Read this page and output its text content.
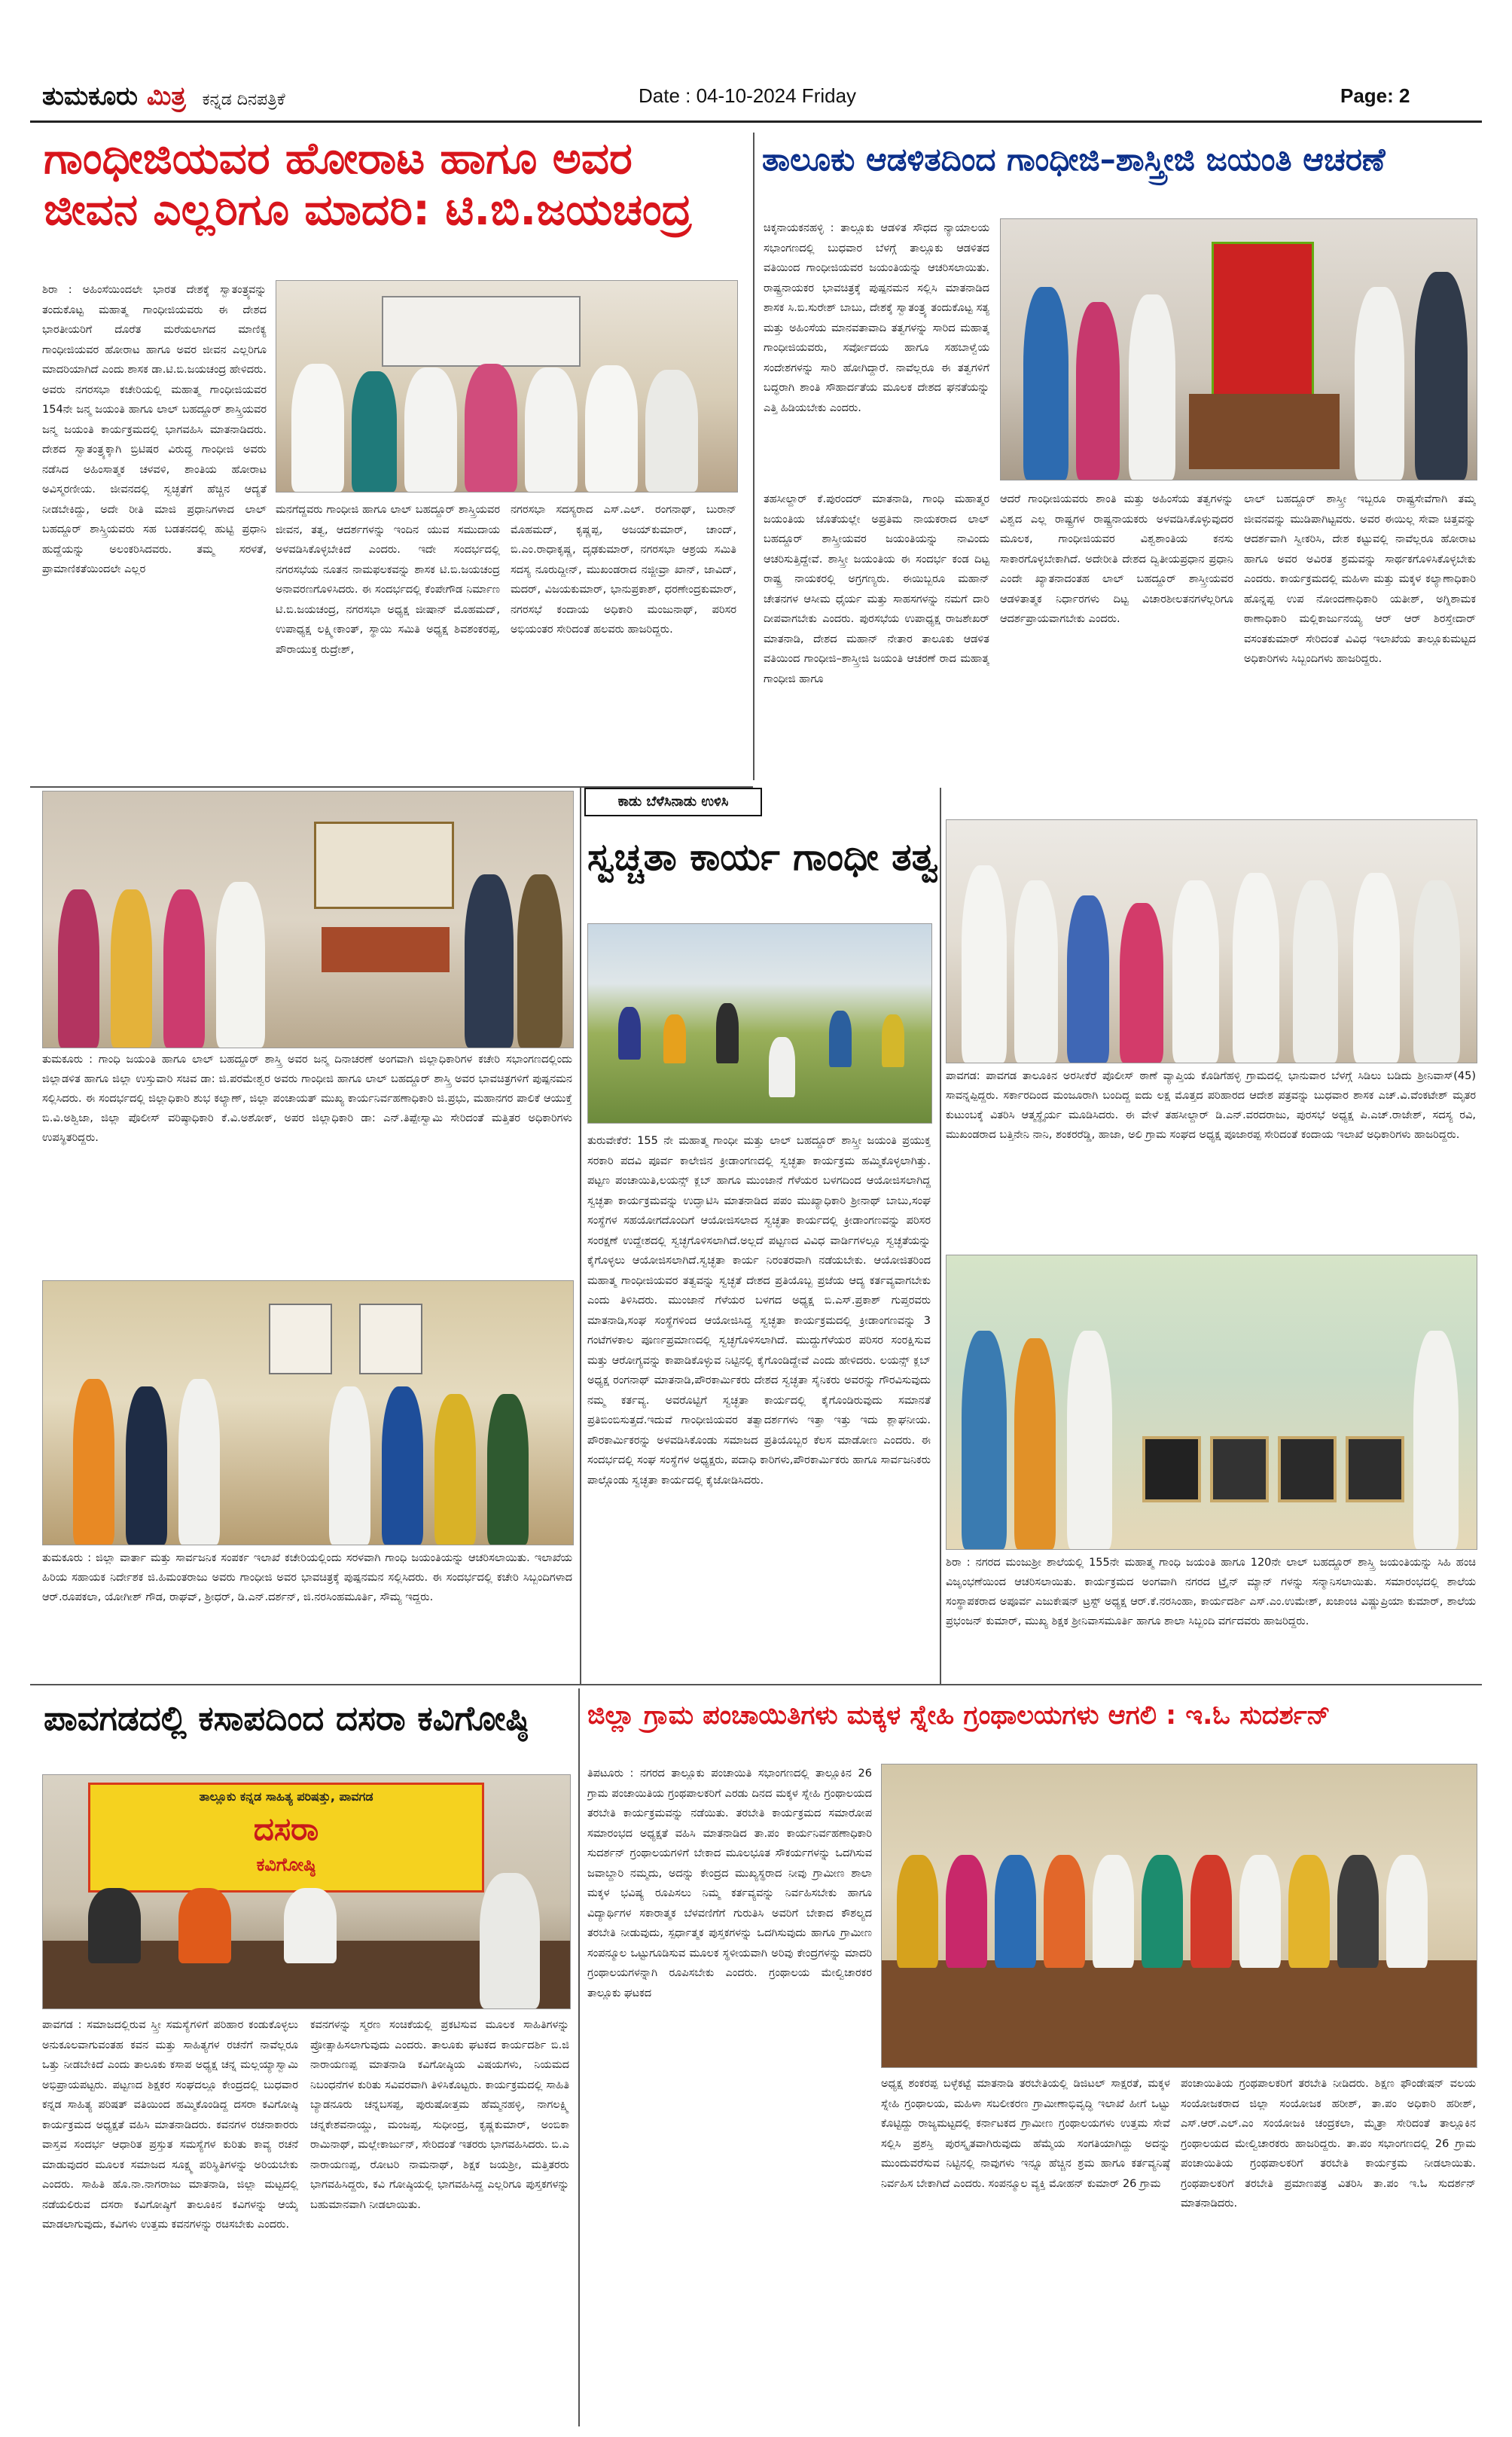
ತುಮಕೂರು ಮಿತ್ರ ಕನ್ನಡ ದಿನಪತ್ರಿಕೆ	Date : 04-10-2024 Friday	Page: 2
ಗಾಂಧೀಜಿಯವರ ಹೋರಾಟ ಹಾಗೂ ಅವರ
ಜೀವನ ಎಲ್ಲರಿಗೂ ಮಾದರಿ: ಟಿ.ಬಿ.ಜಯಚಂದ್ರ
ಶಿರಾ : ಅಹಿಂಸೆಯಿಂದಲೇ ಭಾರತ ದೇಶಕ್ಕೆ ಸ್ವಾತಂತ್ರ್ಯವನ್ನು ತಂದುಕೊಟ್ಟ ಮಹಾತ್ಮ ಗಾಂಧೀಜಿಯವರು ಈ ದೇಶದ ಭಾರತೀಯರಿಗೆ ದೊರೆತ ಮರೆಯಲಾಗದ ಮಾಣಿಕ್ಯ ಗಾಂಧೀಜಿಯವರ ಹೋರಾಟ ಹಾಗೂ ಅವರ ಜೀವನ ಎಲ್ಲರಿಗೂ ಮಾದರಿಯಾಗಿದೆ ಎಂದು ಶಾಸಕ ಡಾ.ಟಿ.ಬಿ.ಜಯಚಂದ್ರ ಹೇಳಿದರು. ಅವರು ನಗರಸಭಾ ಕಚೇರಿಯಲ್ಲಿ ಮಹಾತ್ಮ ಗಾಂಧೀಜಿಯವರ 154ನೇ ಜನ್ಮ ಜಯಂತಿ ಹಾಗೂ ಲಾಲ್ ಬಹದ್ದೂರ್ ಶಾಸ್ತ್ರಿಯವರ ಜನ್ಮ ಜಯಂತಿ ಕಾರ್ಯಕ್ರಮದಲ್ಲಿ ಭಾಗವಹಿಸಿ ಮಾತನಾಡಿದರು. ದೇಶದ ಸ್ವಾತಂತ್ರ್ಯಕ್ಕಾಗಿ ಬ್ರಿಟಿಷರ ವಿರುದ್ಧ ಗಾಂಧೀಜಿ ಅವರು ನಡೆಸಿದ ಅಹಿಂಸಾತ್ಮಕ ಚಳವಳಿ, ಶಾಂತಿಯ ಹೋರಾಟ ಅವಿಸ್ಮರಣೀಯ. ಜೀವನದಲ್ಲಿ ಸ್ವಚ್ಛತೆಗೆ ಹೆಚ್ಚಿನ ಆದ್ಯತೆ ನೀಡಬೇಕಿದ್ದು, ಅದೇ ರೀತಿ ಮಾಜಿ ಪ್ರಧಾನಿಗಳಾದ ಲಾಲ್ ಬಹದ್ದೂರ್ ಶಾಸ್ತ್ರಿಯವರು ಸಹ ಬಡತನದಲ್ಲಿ ಹುಟ್ಟಿ ಪ್ರಧಾನಿ ಹುದ್ದೆಯನ್ನು ಅಲಂಕರಿಸಿದವರು. ತಮ್ಮ ಸರಳತೆ, ಪ್ರಾಮಾಣಿಕತೆಯಿಂದಲೇ ಎಲ್ಲರ
ಮನಗೆದ್ದವರು ಗಾಂಧೀಜಿ ಹಾಗೂ ಲಾಲ್ ಬಹದ್ದೂರ್ ಶಾಸ್ತ್ರಿಯವರ ಜೀವನ, ತತ್ವ, ಆದರ್ಶಗಳನ್ನು ಇಂದಿನ ಯುವ ಸಮುದಾಯ ಅಳವಡಿಸಿಕೊಳ್ಳಬೇಕಿದೆ ಎಂದರು. ಇದೇ ಸಂದರ್ಭದಲ್ಲಿ ನಗರಸಭೆಯ ನೂತನ ನಾಮಫಲಕವನ್ನು ಶಾಸಕ ಟಿ.ಬಿ.ಜಯಚಂದ್ರ ಅನಾವರಣಗೊಳಿಸಿದರು. ಈ ಸಂದರ್ಭದಲ್ಲಿ ಕೆಂಪೇಗೌಡ ನಿರ್ಮಾಣ ಟಿ.ಬಿ.ಜಯಚಂದ್ರ, ನಗರಸಭಾ ಅಧ್ಯಕ್ಷ ಜೀಷಾನ್ ಮೊಹಮದ್, ಉಪಾಧ್ಯಕ್ಷ ಲಕ್ಷ್ಮೀಕಾಂತ್, ಸ್ಥಾಯಿ ಸಮಿತಿ ಅಧ್ಯಕ್ಷ ಶಿವಶಂಕರಪ್ಪ, ಪೌರಾಯುಕ್ತ ರುದ್ರೇಶ್,
ನಗರಸಭಾ ಸದಸ್ಯರಾದ ಎಸ್.ಎಲ್. ರಂಗನಾಥ್, ಬುರಾನ್ ಮೊಹಮದ್, ಕೃಷ್ಣಪ್ಪ, ಅಜಯ್‌ಕುಮಾರ್, ಚಾಂದ್, ಬಿ.ಎಂ.ರಾಧಾಕೃಷ್ಣ, ದೃಢಕುಮಾರ್, ನಗರಸಭಾ ಆಶ್ರಯ ಸಮಿತಿ ಸದಸ್ಯ ನೂರುದ್ದೀನ್, ಮುಖಂಡರಾದ ನಜ್ಜೀವ್ರಾ ಖಾನ್, ಜಾವಿದ್, ಮದರ್, ವಿಜಯಕುಮಾರ್, ಭಾನುಪ್ರಕಾಶ್, ಧರಣೇಂದ್ರಕುಮಾರ್, ನಗರಸಭೆ ಕಂದಾಯ ಅಧಿಕಾರಿ ಮಂಜುನಾಥ್, ಪರಿಸರ ಅಭಿಯಂತರ ಸೇರಿದಂತೆ ಹಲವರು ಹಾಜರಿದ್ದರು.
ತಾಲೂಕು ಆಡಳಿತದಿಂದ ಗಾಂಧೀಜಿ–ಶಾಸ್ತ್ರೀಜಿ ಜಯಂತಿ ಆಚರಣೆ
ಚಿಕ್ಕನಾಯಕನಹಳ್ಳಿ : ತಾಲ್ಲೂಕು ಆಡಳಿತ ಸೌಧದ ನ್ಯಾಯಾಲಯ ಸಭಾಂಗಣದಲ್ಲಿ ಬುಧವಾರ ಬೆಳಗ್ಗೆ ತಾಲ್ಲೂಕು ಆಡಳಿತದ ವತಿಯಿಂದ ಗಾಂಧೀಜಿಯವರ ಜಯಂತಿಯನ್ನು ಆಚರಿಸಲಾಯಿತು. ರಾಷ್ಟ್ರನಾಯಕರ ಭಾವಚಿತ್ರಕ್ಕೆ ಪುಷ್ಪನಮನ ಸಲ್ಲಿಸಿ ಮಾತನಾಡಿದ ಶಾಸಕ ಸಿ.ಬಿ.ಸುರೇಶ್ ಬಾಬು, ದೇಶಕ್ಕೆ ಸ್ವಾತಂತ್ರ್ಯ ತಂದುಕೊಟ್ಟ ಸತ್ಯ ಮತ್ತು ಅಹಿಂಸೆಯ ಮಾನವತಾವಾದಿ ತತ್ವಗಳನ್ನು ಸಾರಿದ ಮಹಾತ್ಮ ಗಾಂಧೀಜಿಯವರು, ಸರ್ವೋದಯ ಹಾಗೂ ಸಹಬಾಳ್ವೆಯ ಸಂದೇಶಗಳನ್ನು ಸಾರಿ ಹೋಗಿದ್ದಾರೆ. ನಾವೆಲ್ಲರೂ ಈ ತತ್ವಗಳಿಗೆ ಬದ್ಧರಾಗಿ ಶಾಂತಿ ಸೌಹಾರ್ದತೆಯ ಮೂಲಕ ದೇಶದ ಘನತೆಯನ್ನು ಎತ್ತಿ ಹಿಡಿಯಬೇಕು ಎಂದರು.
ತಹಸೀಲ್ದಾರ್ ಕೆ.ಪುರಂದರ್ ಮಾತನಾಡಿ, ಗಾಂಧಿ ಮಹಾತ್ಮರ ಜಯಂತಿಯ ಜೊತೆಯಲ್ಲೇ ಅಪ್ರತಿಮ ನಾಯಕರಾದ ಲಾಲ್ ಬಹದ್ದೂರ್ ಶಾಸ್ತ್ರೀಯವರ ಜಯಂತಿಯನ್ನು ನಾವಿಂದು ಆಚರಿಸುತ್ತಿದ್ದೇವೆ. ಶಾಸ್ತ್ರೀ ಜಯಂತಿಯ ಈ ಸಂದರ್ಭ ಕಂಡ ದಿಟ್ಟ ರಾಷ್ಟ್ರ ನಾಯಕರಲ್ಲಿ ಅಗ್ರಗಣ್ಯರು. ಈಯಿಬ್ಬರೂ ಮಹಾನ್ ಚೇತನಗಳ ಆಸೀಮ ಧೈರ್ಯ ಮತ್ತು ಸಾಹಸಗಳನ್ನು ನಮಗೆ ದಾರಿ ದೀಪವಾಗಬೇಕು ಎಂದರು. ಪುರಸಭೆಯ ಉಪಾಧ್ಯಕ್ಷ ರಾಜಶೇಖರ್ ಮಾತನಾಡಿ, ದೇಶದ ಮಹಾನ್ ನೇತಾರ ತಾಲೂಕು ಆಡಳಿತ ವತಿಯಿಂದ ಗಾಂಧೀಜಿ–ಶಾಸ್ತ್ರೀಜಿ ಜಯಂತಿ ಆಚರಣೆ ರಾದ ಮಹಾತ್ಮ ಗಾಂಧೀಜಿ ಹಾಗೂ
ಆದರೆ ಗಾಂಧೀಜಿಯವರು ಶಾಂತಿ ಮತ್ತು ಅಹಿಂಸೆಯ ತತ್ವಗಳನ್ನು ವಿಶ್ವದ ಎಲ್ಲ ರಾಷ್ಟ್ರಗಳ ರಾಷ್ಟ್ರನಾಯಕರು ಅಳವಡಿಸಿಕೊಳ್ಳುವುದರ ಮೂಲಕ, ಗಾಂಧೀಜಿಯವರ ವಿಶ್ವಶಾಂತಿಯ ಕನಸು ಸಾಕಾರಗೊಳ್ಳಬೇಕಾಗಿದೆ. ಅದೇರೀತಿ ದೇಶದ ದ್ವಿತೀಯಪ್ರಧಾನ ಪ್ರಧಾನಿ ಎಂದೇ ಖ್ಯಾತನಾದಂತಹ ಲಾಲ್ ಬಹದ್ದೂರ್ ಶಾಸ್ತ್ರೀಯವರ ಆಡಳಿತಾತ್ಮಕ ನಿರ್ಧಾರಗಳು ದಿಟ್ಟ ವಿಚಾರಶೀಲತನಗಳೆಲ್ಲರಿಗೂ ಆದರ್ಶಪ್ರಾಯವಾಗಬೇಕು ಎಂದರು.
ಲಾಲ್ ಬಹದ್ದೂರ್ ಶಾಸ್ತ್ರೀ ಇಬ್ಬರೂ ರಾಷ್ಟ್ರಸೇವೆಗಾಗಿ ತಮ್ಮ ಜೀವನವನ್ನು ಮುಡಿಪಾಗಿಟ್ಟವರು. ಅವರ ಈಯಿಲ್ಲ ಸೇವಾ ಚಿತ್ತವನ್ನು ಆದರ್ಶವಾಗಿ ಸ್ವೀಕರಿಸಿ, ದೇಶ ಕಟ್ಟುವಲ್ಲಿ ನಾವೆಲ್ಲರೂ ಹೋರಾಟ ಹಾಗೂ ಅವರ ಅವಿರತ ಶ್ರಮವನ್ನು ಸಾರ್ಥಕಗೊಳಿಸಿಕೊಳ್ಳಬೇಕು ಎಂದರು. ಕಾರ್ಯಕ್ರಮದಲ್ಲಿ ಮಹಿಳಾ ಮತ್ತು ಮಕ್ಕಳ ಕಲ್ಯಾಣಾಧಿಕಾರಿ ಹೊನ್ನಪ್ಪ ಉಪ ನೋಂದಣಾಧಿಕಾರಿ ಯತೀಶ್, ಅಗ್ನಿಶಾಮಕ ಠಾಣಾಧಿಕಾರಿ ಮಲ್ಲಿಕಾರ್ಜುನಯ್ಯ ಆರ್ ಆರ್ ಶಿರಸ್ತೇದಾರ್ ವಸಂತಕುಮಾರ್ ಸೇರಿದಂತೆ ವಿವಿಧ ಇಲಾಖೆಯ ತಾಲ್ಲೂಕುಮಟ್ಟದ ಅಧಿಕಾರಿಗಳು ಸಿಬ್ಬಂದಿಗಳು ಹಾಜರಿದ್ದರು.
ತುಮಕೂರು : ಗಾಂಧಿ ಜಯಂತಿ ಹಾಗೂ ಲಾಲ್ ಬಹದ್ದೂರ್ ಶಾಸ್ತ್ರಿ ಅವರ ಜನ್ಮ ದಿನಾಚರಣೆ ಅಂಗವಾಗಿ ಜಿಲ್ಲಾಧಿಕಾರಿಗಳ ಕಚೇರಿ ಸಭಾಂಗಣದಲ್ಲಿಂದು ಜಿಲ್ಲಾಡಳಿತ ಹಾಗೂ ಜಿಲ್ಲಾ ಉಸ್ತುವಾರಿ ಸಚಿವ ಡಾ: ಜಿ.ಪರಮೇಶ್ವರ ಅವರು ಗಾಂಧೀಜಿ ಹಾಗೂ ಲಾಲ್ ಬಹದ್ದೂರ್ ಶಾಸ್ತ್ರಿ ಅವರ ಭಾವಚಿತ್ರಗಳಿಗೆ ಪುಷ್ಪನಮನ ಸಲ್ಲಿಸಿದರು. ಈ ಸಂದರ್ಭದಲ್ಲಿ ಜಿಲ್ಲಾಧಿಕಾರಿ ಶುಭ ಕಲ್ಯಾಣ್, ಜಿಲ್ಲಾ ಪಂಚಾಯತ್ ಮುಖ್ಯ ಕಾರ್ಯನಿರ್ವಹಣಾಧಿಕಾರಿ ಜಿ.ಪ್ರಭು, ಮಹಾನಗರ ಪಾಲಿಕೆ ಆಯುಕ್ತೆ ಬಿ.ವಿ.ಅಶ್ವಿಜಾ, ಜಿಲ್ಲಾ ಪೊಲೀಸ್ ವರಿಷ್ಠಾಧಿಕಾರಿ ಕೆ.ವಿ.ಅಶೋಕ್, ಅಪರ ಜಿಲ್ಲಾಧಿಕಾರಿ ಡಾ: ಎನ್.ತಿಪ್ಪೇಸ್ವಾಮಿ ಸೇರಿದಂತೆ ಮತ್ತಿತರ ಅಧಿಕಾರಿಗಳು ಉಪಸ್ಥಿತರಿದ್ದರು.
ತುಮಕೂರು : ಜಿಲ್ಲಾ ವಾರ್ತಾ ಮತ್ತು ಸಾರ್ವಜನಿಕ ಸಂಪರ್ಕ ಇಲಾಖೆ ಕಚೇರಿಯಲ್ಲಿಂದು ಸರಳವಾಗಿ ಗಾಂಧಿ ಜಯಂತಿಯನ್ನು ಆಚರಿಸಲಾಯಿತು. ಇಲಾಖೆಯ ಹಿರಿಯ ಸಹಾಯಕ ನಿರ್ದೇಶಕ ಜಿ.ಹಿಮಂತರಾಜು ಅವರು ಗಾಂಧೀಜಿ ಅವರ ಭಾವಚಿತ್ರಕ್ಕೆ ಪುಷ್ಪನಮನ ಸಲ್ಲಿಸಿದರು. ಈ ಸಂದರ್ಭದಲ್ಲಿ ಕಚೇರಿ ಸಿಬ್ಬಂದಿಗಳಾದ ಆರ್.ರೂಪಕಲಾ, ಯೋಗೀಶ್ ಗೌಡ, ರಾಘವ್, ಶ್ರೀಧರ್, ಡಿ.ಎನ್.ದರ್ಶನ್, ಜಿ.ನರಸಿಂಹಮೂರ್ತಿ, ಸೌಮ್ಯ ಇದ್ದರು.
ಕಾಡು ಬೆಳೆಸಿನಾಡು ಉಳಿಸಿ
ಸ್ವಚ್ಚತಾ ಕಾರ್ಯ ಗಾಂಧೀ ತತ್ವ
ತುರುವೇಕೆರೆ: 155 ನೇ ಮಹಾತ್ಮ ಗಾಂಧೀ ಮತ್ತು ಲಾಲ್ ಬಹದ್ದೂರ್ ಶಾಸ್ತ್ರೀ ಜಯಂತಿ ಪ್ರಯುಕ್ತ ಸರಕಾರಿ ಪದವಿ ಪೂರ್ವ ಕಾಲೇಜಿನ ಕ್ರೀಡಾಂಗಣದಲ್ಲಿ ಸ್ವಚ್ಛತಾ ಕಾರ್ಯಕ್ರಮ ಹಮ್ಮಿಕೊಳ್ಳಲಾಗಿತ್ತು. ಪಟ್ಟಣ ಪಂಚಾಯಿತಿ,ಲಯನ್ಸ್ ಕ್ಲಬ್ ಹಾಗೂ ಮುಂಜಾನೆ ಗೆಳೆಯರ ಬಳಗದಿಂದ ಆಯೋಜಿಸಲಾಗಿದ್ದ ಸ್ವಚ್ಛತಾ ಕಾರ್ಯಕ್ರಮವನ್ನು ಉದ್ಘಾಟಿಸಿ ಮಾತನಾಡಿದ ಪಪಂ ಮುಖ್ಯಾಧಿಕಾರಿ ಶ್ರೀನಾಥ್ ಬಾಬು,ಸಂಘ ಸಂಸ್ಥೆಗಳ ಸಹಯೋಗದೊಂದಿಗೆ ಆಯೋಜಿಸಲಾದ ಸ್ವಚ್ಛತಾ ಕಾರ್ಯದಲ್ಲಿ ಕ್ರೀಡಾಂಗಣವನ್ನು ಪರಿಸರ ಸಂರಕ್ಷಣೆ ಉದ್ದೇಶದಲ್ಲಿ ಸ್ವಚ್ಛಗೊಳಿಸಲಾಗಿದೆ.ಅಲ್ಲದೆ ಪಟ್ಟಣದ ವಿವಿಧ ವಾರ್ಡಿಗಳಲ್ಲೂ ಸ್ವಚ್ಛತೆಯನ್ನು ಕೈಗೊಳ್ಳಲು ಆಯೋಜಿಸಲಾಗಿದೆ.ಸ್ವಚ್ಛತಾ ಕಾರ್ಯ ನಿರಂತರವಾಗಿ ನಡೆಯಬೇಕು. ಆಯೋಜಿತರಿಂದ ಮಹಾತ್ಮ ಗಾಂಧೀಜಿಯವರ ತತ್ವವನ್ನು ಸ್ವಚ್ಛತೆ ದೇಶದ ಪ್ರತಿಯೊಬ್ಬ ಪ್ರಜೆಯ ಆದ್ಯ ಕರ್ತವ್ಯವಾಗಬೇಕು ಎಂದು ತಿಳಿಸಿದರು. ಮುಂಜಾನೆ ಗೆಳೆಯರ ಬಳಗದ ಅಧ್ಯಕ್ಷ ಬಿ.ಎಸ್.ಪ್ರಕಾಶ್ ಗುಪ್ತರವರು ಮಾತನಾಡಿ,ಸಂಘ ಸಂಸ್ಥೆಗಳಿಂದ ಆಯೋಜಿಸಿದ್ದ ಸ್ವಚ್ಛತಾ ಕಾರ್ಯಕ್ರಮದಲ್ಲಿ ಕ್ರೀಡಾಂಗಣವನ್ನು 3 ಗಂಟೆಗಳಕಾಲ ಪೂರ್ಣಪ್ರಮಾಣದಲ್ಲಿ ಸ್ವಚ್ಛಗೊಳಿಸಲಾಗಿದೆ. ಮುದ್ದುಗೆಳೆಯರ ಪರಿಸರ ಸಂರಕ್ಷಿಸುವ ಮತ್ತು ಆರೋಗ್ಯವನ್ನು ಕಾಪಾಡಿಕೊಳ್ಳುವ ನಿಟ್ಟಿನಲ್ಲಿ ಕೈಗೊಂಡಿದ್ದೇವೆ ಎಂದು ಹೇಳಿದರು. ಲಯನ್ಸ್ ಕ್ಲಬ್ ಅಧ್ಯಕ್ಷ ರಂಗನಾಥ್ ಮಾತನಾಡಿ,ಪೌರಕಾರ್ಮಿಕರು ದೇಶದ ಸ್ವಚ್ಛತಾ ಸೈನಿಕರು ಅವರನ್ನು ಗೌರವಿಸುವುದು ನಮ್ಮ ಕರ್ತವ್ಯ. ಅವರೊಟ್ಟಿಗೆ ಸ್ವಚ್ಛತಾ ಕಾರ್ಯದಲ್ಲಿ ಕೈಗೊಂಡಿರುವುದು ಸಮಾನತೆ ಪ್ರತಿಬಿಂಬಿಸುತ್ತದೆ.ಇದುವೆ ಗಾಂಧೀಜಿಯವರ ತತ್ವಾದರ್ಶಗಳು ಇತ್ತಾ ಇತ್ತು ಇದು ಶ್ಲಾಘನೀಯ. ಪೌರಕಾರ್ಮಿಕರನ್ನು ಅಳವಡಿಸಿಕೊಂಡು ಸಮಾಜದ ಪ್ರತಿಯೊಬ್ಬರ ಕೆಲಸ ಮಾಡೋಣ ಎಂದರು. ಈ ಸಂದರ್ಭದಲ್ಲಿ ಸಂಘ ಸಂಸ್ಥೆಗಳ ಅಧ್ಯಕ್ಷರು, ಪದಾಧಿ ಕಾರಿಗಳು,ಪೌರಕಾರ್ಮಿಕರು ಹಾಗೂ ಸಾರ್ವಜನಿಕರು ಪಾಲ್ಗೊಂಡು ಸ್ವಚ್ಛತಾ ಕಾರ್ಯದಲ್ಲಿ ಕೈಜೋಡಿಸಿದರು.
ಪಾವಗಡ: ಪಾವಗಡ ತಾಲೂಕಿನ ಅರಸೀಕೆರೆ ಪೊಲೀಸ್ ಠಾಣೆ ವ್ಯಾಪ್ತಿಯ ಕೊಡಿಗೆಹಳ್ಳಿ ಗ್ರಾಮದಲ್ಲಿ ಭಾನುವಾರ ಬೆಳಗ್ಗೆ ಸಿಡಿಲು ಬಡಿದು ಶ್ರೀನಿವಾಸ್(45) ಸಾವನ್ನಪ್ಪಿದ್ದರು. ಸರ್ಕಾರದಿಂದ ಮಂಜೂರಾಗಿ ಬಂದಿದ್ದ ಐದು ಲಕ್ಷ ಮೊತ್ತದ ಪರಿಹಾರದ ಆದೇಶ ಪತ್ರವನ್ನು ಬುಧವಾರ ಶಾಸಕ ಎಚ್.ವಿ.ವೆಂಕಟೇಶ್ ಮೃತರ ಕುಟುಂಬಕ್ಕೆ ವಿತರಿಸಿ ಆತ್ಮಸ್ಥೈರ್ಯ ಮೂಡಿಸಿದರು. ಈ ವೇಳೆ ತಹಸೀಲ್ದಾರ್ ಡಿ.ಎನ್.ವರದರಾಜು, ಪುರಸಭೆ ಅಧ್ಯಕ್ಷ ಪಿ.ಎಚ್.ರಾಜೇಶ್, ಸದಸ್ಯ ರವಿ, ಮುಖಂಡರಾದ ಬತ್ತಿನೇನಿ ನಾನಿ, ಶಂಕರರೆಡ್ಡಿ, ಹಾಜಾ, ಅಲಿ ಗ್ರಾಮ ಸಂಘದ ಅಧ್ಯಕ್ಷ ಪೂಜಾರಪ್ಪ ಸೇರಿದಂತೆ ಕಂದಾಯ ಇಲಾಖೆ ಅಧಿಕಾರಿಗಳು ಹಾಜರಿದ್ದರು.
ಶಿರಾ : ನಗರದ ಮಂಜುಶ್ರೀ ಶಾಲೆಯಲ್ಲಿ 155ನೇ ಮಹಾತ್ಮ ಗಾಂಧಿ ಜಯಂತಿ ಹಾಗೂ 120ನೇ ಲಾಲ್ ಬಹದ್ದೂರ್ ಶಾಸ್ತ್ರಿ ಜಯಂತಿಯನ್ನು ಸಿಹಿ ಹಂಚಿ ವಿಜೃಂಭಣೆಯಿಂದ ಆಚರಿಸಲಾಯಿತು. ಕಾರ್ಯಕ್ರಮದ ಅಂಗವಾಗಿ ನಗರದ ಟ್ರೈನ್ ಮ್ಯಾನ್‌ ಗಳನ್ನು ಸನ್ಮಾನಿಸಲಾಯಿತು. ಸಮಾರಂಭದಲ್ಲಿ ಶಾಲೆಯ ಸಂಸ್ಥಾಪಕರಾದ ಅಪೂರ್ವ ಎಜುಕೇಷನ್ ಟ್ರಸ್ಟ್ ಅಧ್ಯಕ್ಷ ಆರ್.ಕೆ.ನರಸಿಂಹಾ, ಕಾರ್ಯದರ್ಶಿ ಎಸ್.ಎಂ.ಉಮೇಶ್, ಖಜಾಂಚಿ ವಿಷ್ಣುಪ್ರಿಯಾ ಕುಮಾರ್, ಶಾಲೆಯ ಪ್ರಭಂಜನ್ ಕುಮಾರ್, ಮುಖ್ಯ ಶಿಕ್ಷಕ ಶ್ರೀನಿವಾಸಮೂರ್ತಿ ಹಾಗೂ ಶಾಲಾ ಸಿಬ್ಬಂದಿ ವರ್ಗದವರು ಹಾಜರಿದ್ದರು.
ಪಾವಗಡದಲ್ಲಿ ಕಸಾಪದಿಂದ ದಸರಾ ಕವಿಗೋಷ್ಠಿ
ತಾಲ್ಲೂಕು ಕನ್ನಡ ಸಾಹಿತ್ಯ ಪರಿಷತ್ತು, ಪಾವಗಡ
ದಸರಾ
ಕವಿಗೋಷ್ಠಿ
ಪಾವಗಡ : ಸಮಾಜದಲ್ಲಿರುವ ಸ್ತ್ರೀ ಸಮಸ್ಯೆಗಳಿಗೆ ಪರಿಹಾರ ಕಂಡುಕೊಳ್ಳಲು ಅನುಕೂಲವಾಗುವಂತಹ ಕವನ ಮತ್ತು ಸಾಹಿತ್ಯಗಳ ರಚನೆಗೆ ನಾವೆಲ್ಲರೂ ಒತ್ತು ನೀಡಬೇಕಿದೆ ಎಂದು ತಾಲೂಕು ಕಸಾಪ ಅಧ್ಯಕ್ಷ ಚನ್ನ ಮಲ್ಲಯ್ಯಾಸ್ವಾಮಿ ಅಭಿಪ್ರಾಯಪಟ್ಟರು. ಪಟ್ಟಣದ ಶಿಕ್ಷಕರ ಸಂಘದಲ್ಲೂ ಕೇಂದ್ರದಲ್ಲಿ ಬುಧವಾರ ಕನ್ನಡ ಸಾಹಿತ್ಯ ಪರಿಷತ್ ವತಿಯಿಂದ ಹಮ್ಮಿಕೊಂಡಿದ್ದ ದಸರಾ ಕವಿಗೋಷ್ಠಿ ಕಾರ್ಯಕ್ರಮದ ಅಧ್ಯಕ್ಷತೆ ವಹಿಸಿ ಮಾತನಾಡಿದರು. ಕವನಗಳ ರಚನಾಕಾರರು ವಾಸ್ತವ ಸಂದರ್ಭ ಆಧಾರಿತ ಪ್ರಸ್ತುತ ಸಮಸ್ಯೆಗಳ ಕುರಿತು ಕಾವ್ಯ ರಚನೆ ಮಾಡುವುದರ ಮೂಲಕ ಸಮಾಜದ ಸೂಕ್ಷ್ಮ ಪರಿಸ್ಥಿತಿಗಳನ್ನು ಅರಿಯಬೇಕು ಎಂದರು. ಸಾಹಿತಿ ಹೊ.ನಾ.ನಾಗರಾಜು ಮಾತನಾಡಿ, ಜಿಲ್ಲಾ ಮಟ್ಟದಲ್ಲಿ ನಡೆಯಲಿರುವ ದಸರಾ ಕವಿಗೋಷ್ಠಿಗೆ ತಾಲೂಕಿನ ಕವಿಗಳನ್ನು ಆಯ್ಕೆ ಮಾಡಲಾಗುವುದು, ಕವಿಗಳು ಉತ್ತಮ ಕವನಗಳನ್ನು ರಚಿಸಬೇಕು ಎಂದರು.
ಕವನಗಳನ್ನು ಸ್ಮರಣ ಸಂಚಿಕೆಯಲ್ಲಿ ಪ್ರಕಟಿಸುವ ಮೂಲಕ ಸಾಹಿತಿಗಳನ್ನು ಪ್ರೋತ್ಸಾಹಿಸಲಾಗುವುದು ಎಂದರು. ತಾಲೂಕು ಘಟಕದ ಕಾರ್ಯದರ್ಶಿ ಬಿ.ಜಿ ನಾರಾಯಣಪ್ಪ ಮಾತನಾಡಿ ಕವಿಗೋಷ್ಠಿಯ ವಿಷಯಗಳು, ನಿಯಮದ ನಿಬಂಧನೆಗಳ ಕುರಿತು ಸವಿವರವಾಗಿ ತಿಳಿಸಿಕೊಟ್ಟರು. ಕಾರ್ಯಕ್ರಮದಲ್ಲಿ ಸಾಹಿತಿ ಬ್ಯಾಡನೂರು ಚನ್ನಬಸಪ್ಪ, ಪುರುಷೋತ್ತಮ ಹೆಮ್ಮನಹಳ್ಳಿ, ನಾಗಲಕ್ಷ್ಮಿ ಚನ್ನಕೇಶವನಾಯ್ಡು, ಮಂಜಪ್ಪ, ಸುಧೀಂದ್ರ, ಕೃಷ್ಣಕುಮಾರ್, ಅಂಬಿಕಾ ರಾಮಿನಾಥ್, ಮಲ್ಲೇಕಾರ್ಜುನ್, ಸೇರಿದಂತೆ ಇತರರು ಭಾಗವಹಿಸಿದರು. ಬಿ.ಎ ನಾರಾಯಣಪ್ಪ, ರೋಟರಿ ನಾಮನಾಥ್, ಶಿಕ್ಷಕ ಜಯಶ್ರೀ, ಮತ್ತಿತರರು ಭಾಗವಹಿಸಿದ್ದರು, ಕವಿ ಗೋಷ್ಠಿಯಲ್ಲಿ ಭಾಗವಹಿಸಿದ್ದ ಎಲ್ಲರಿಗೂ ಪುಸ್ತಕಗಳನ್ನು ಬಹುಮಾನವಾಗಿ ನೀಡಲಾಯಿತು.
ಜಿಲ್ಲಾ ಗ್ರಾಮ ಪಂಚಾಯಿತಿಗಳು ಮಕ್ಕಳ ಸ್ನೇಹಿ ಗ್ರಂಥಾಲಯಗಳು ಆಗಲಿ : ಇ.ಓ ಸುದರ್ಶನ್
ತಿಪಟೂರು : ನಗರದ ತಾಲ್ಲೂಕು ಪಂಚಾಯಿತಿ ಸಭಾಂಗಣದಲ್ಲಿ ತಾಲ್ಲೂಕಿನ 26 ಗ್ರಾಮ ಪಂಚಾಯಿತಿಯ ಗ್ರಂಥಪಾಲಕರಿಗೆ ಎರಡು ದಿನದ ಮಕ್ಕಳ ಸ್ನೇಹಿ ಗ್ರಂಥಾಲಯದ ತರಬೇತಿ ಕಾರ್ಯಕ್ರಮವನ್ನು ನಡೆಯಿತು. ತರಬೇತಿ ಕಾರ್ಯಕ್ರಮದ ಸಮಾರೋಪ ಸಮಾರಂಭದ ಅಧ್ಯಕ್ಷತೆ ವಹಿಸಿ ಮಾತನಾಡಿದ ತಾ.ಪಂ ಕಾರ್ಯನಿರ್ವಹಣಾಧಿಕಾರಿ ಸುದರ್ಶನ್ ಗ್ರಂಥಾಲಯಗಳಿಗೆ ಬೇಕಾದ ಮೂಲಭೂತ ಸೌಕರ್ಯಗಳನ್ನು ಒದಗಿಸುವ ಜವಾಬ್ದಾರಿ ನಮ್ಮದು, ಅದನ್ನು ಕೇಂದ್ರದ ಮುಖ್ಯಸ್ಥರಾದ ನೀವು ಗ್ರಾಮೀಣ ಶಾಲಾ ಮಕ್ಕಳ ಭವಿಷ್ಯ ರೂಪಿಸಲು ನಿಮ್ಮ ಕರ್ತವ್ಯವನ್ನು ನಿರ್ವಹಿಸಬೇಕು ಹಾಗೂ ವಿದ್ಯಾರ್ಥಿಗಳ ಸಕಾರಾತ್ಮಕ ಬೆಳವಣಿಗೆಗೆ ಗುರುತಿಸಿ ಅವರಿಗೆ ಬೇಕಾದ ಕೌಶಲ್ಯದ ತರಬೇತಿ ನೀಡುವುದು, ಸ್ಪರ್ಧಾತ್ಮಕ ಪುಸ್ತಕಗಳನ್ನು ಒದಗಿಸುವುದು ಹಾಗೂ ಗ್ರಾಮೀಣ ಸಂಪನ್ಮೂಲ ಒಟ್ಟುಗೂಡಿಸುವ ಮೂಲಕ ಸ್ಥಳೀಯವಾಗಿ ಅರಿವು ಕೇಂದ್ರಗಳನ್ನು ಮಾದರಿ ಗ್ರಂಥಾಲಯಗಳನ್ನಾಗಿ ರೂಪಿಸಬೇಕು ಎಂದರು. ಗ್ರಂಥಾಲಯ ಮೇಲ್ವಿಚಾರಕರ ತಾಲ್ಲೂಕು ಘಟಕದ
ಅಧ್ಯಕ್ಷ ಶಂಕರಪ್ಪ ಬಳ್ಳೆಕಟ್ಟೆ ಮಾತನಾಡಿ ತರಬೇತಿಯಲ್ಲಿ ಡಿಜಿಟಲ್ ಸಾಕ್ಷರತೆ, ಮಕ್ಕಳ ಸ್ನೇಹಿ ಗ್ರಂಥಾಲಯ, ಮಹಿಳಾ ಸಬಲೀಕರಣ ಗ್ರಾಮೀಣಾಭಿವೃದ್ಧಿ ಇಲಾಖೆ ಹೀಗೆ ಒಟ್ಟು ಕೊಟ್ಟಿದ್ದು ರಾಜ್ಯಮಟ್ಟದಲ್ಲಿ ಕರ್ನಾಟಕದ ಗ್ರಾಮೀಣ ಗ್ರಂಥಾಲಯಗಳು ಉತ್ತಮ ಸೇವೆ ಸಲ್ಲಿಸಿ ಪ್ರಶಸ್ತಿ ಪುರಸ್ಕೃತವಾಗಿರುವುದು ಹೆಮ್ಮೆಯ ಸಂಗತಿಯಾಗಿದ್ದು ಅದನ್ನು ಮುಂದುವರೆಸುವ ನಿಟ್ಟಿನಲ್ಲಿ ನಾವುಗಳು ಇನ್ನೂ ಹೆಚ್ಚಿನ ಶ್ರಮ ಹಾಗೂ ಕರ್ತವ್ಯನಿಷ್ಠೆ ನಿರ್ವಹಿಸ ಬೇಕಾಗಿದೆ ಎಂದರು. ಸಂಪನ್ಮೂಲ ವ್ಯಕ್ತಿ ಮೋಹನ್ ಕುಮಾರ್ 26 ಗ್ರಾಮ
ಪಂಚಾಯಿತಿಯ ಗ್ರಂಥಪಾಲಕರಿಗೆ ತರಬೇತಿ ನೀಡಿದರು. ಶಿಕ್ಷಣ ಫೌಂಡೇಷನ್ ವಲಯ ಸಂಯೋಜಕರಾದ ಜಿಲ್ಲಾ ಸಂಯೋಜಕ ಹರೀಶ್, ತಾ.ಪಂ ಅಧಿಕಾರಿ ಹರೀಶ್, ಎಸ್.ಆರ್.ಎಲ್.ಎಂ ಸಂಯೋಜಕಿ ಚಂದ್ರಕಲಾ, ಮೈತ್ರಾ ಸೇರಿದಂತೆ ತಾಲ್ಲೂಕಿನ ಗ್ರಂಥಾಲಯದ ಮೇಲ್ವಿಚಾರಕರು ಹಾಜರಿದ್ದರು. ತಾ.ಪಂ ಸಭಾಂಗಣದಲ್ಲಿ 26 ಗ್ರಾಮ ಪಂಚಾಯಿತಿಯ ಗ್ರಂಥಪಾಲಕರಿಗೆ ತರಬೇತಿ ಕಾರ್ಯಕ್ರಮ ನೀಡಲಾಯಿತು. ಗ್ರಂಥಪಾಲಕರಿಗೆ ತರಬೇತಿ ಪ್ರಮಾಣಪತ್ರ ವಿತರಿಸಿ ತಾ.ಪಂ ಇ.ಓ ಸುದರ್ಶನ್ ಮಾತನಾಡಿದರು.
